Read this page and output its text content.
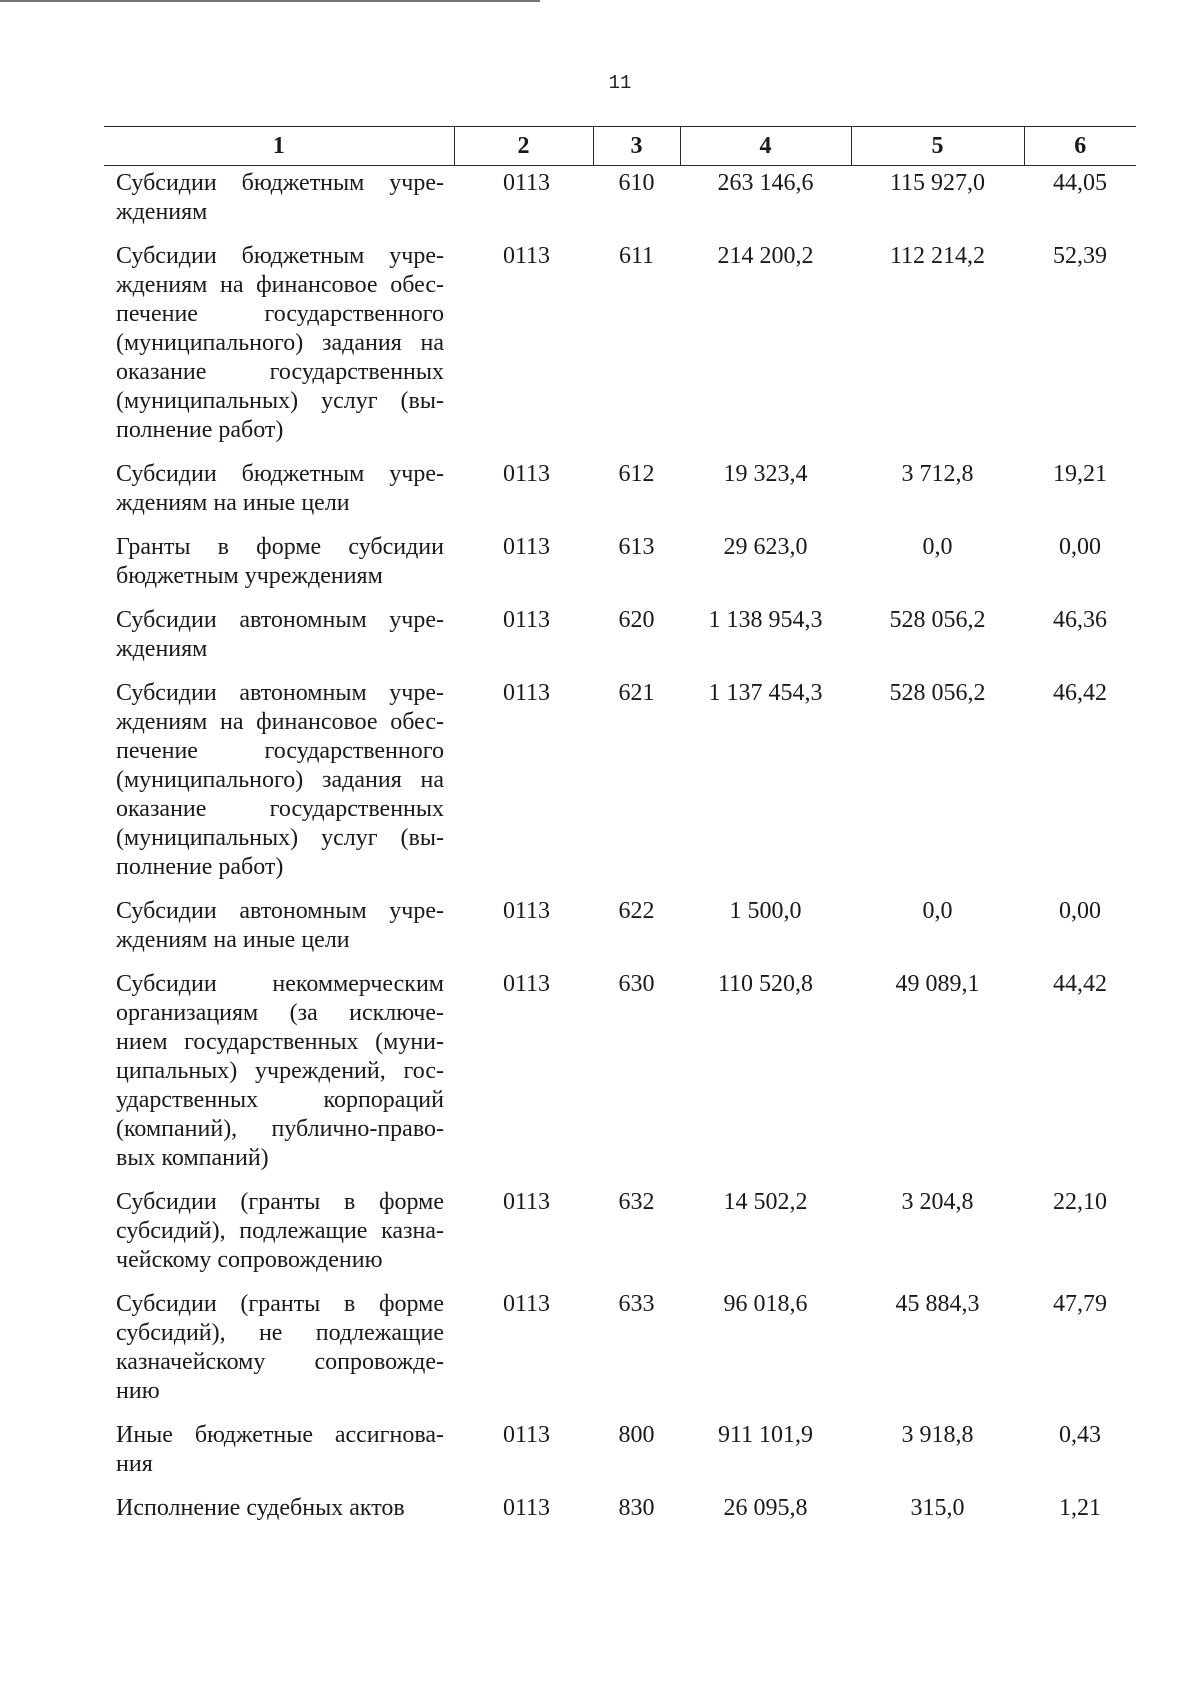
11
1	2	3	4	5	6
Субсидии бюджетным учре-ждениям	0113	610	263 146,6	115 927,0	44,05
Субсидии бюджетным учре-ждениям на финансовое обес-печение государственного (муниципального) задания на оказание государственных (муниципальных) услуг (вы-полнение работ)	0113	611	214 200,2	112 214,2	52,39
Субсидии бюджетным учре-ждениям на иные цели	0113	612	19 323,4	3 712,8	19,21
Гранты в форме субсидии бюджетным учреждениям	0113	613	29 623,0	0,0	0,00
Субсидии автономным учре-ждениям	0113	620	1 138 954,3	528 056,2	46,36
Субсидии автономным учре-ждениям на финансовое обес-печение государственного (муниципального) задания на оказание государственных (муниципальных) услуг (вы-полнение работ)	0113	621	1 137 454,3	528 056,2	46,42
Субсидии автономным учре-ждениям на иные цели	0113	622	1 500,0	0,0	0,00
Субсидии некоммерческим организациям (за исключе-нием государственных (муни-ципальных) учреждений, гос-ударственных корпораций (компаний), публично-право-вых компаний)	0113	630	110 520,8	49 089,1	44,42
Субсидии (гранты в форме субсидий), подлежащие казна-чейскому сопровождению	0113	632	14 502,2	3 204,8	22,10
Субсидии (гранты в форме субсидий), не подлежащие казначейскому сопровожде-нию	0113	633	96 018,6	45 884,3	47,79
Иные бюджетные ассигнова-ния	0113	800	911 101,9	3 918,8	0,43
Исполнение судебных актов	0113	830	26 095,8	315,0	1,21
